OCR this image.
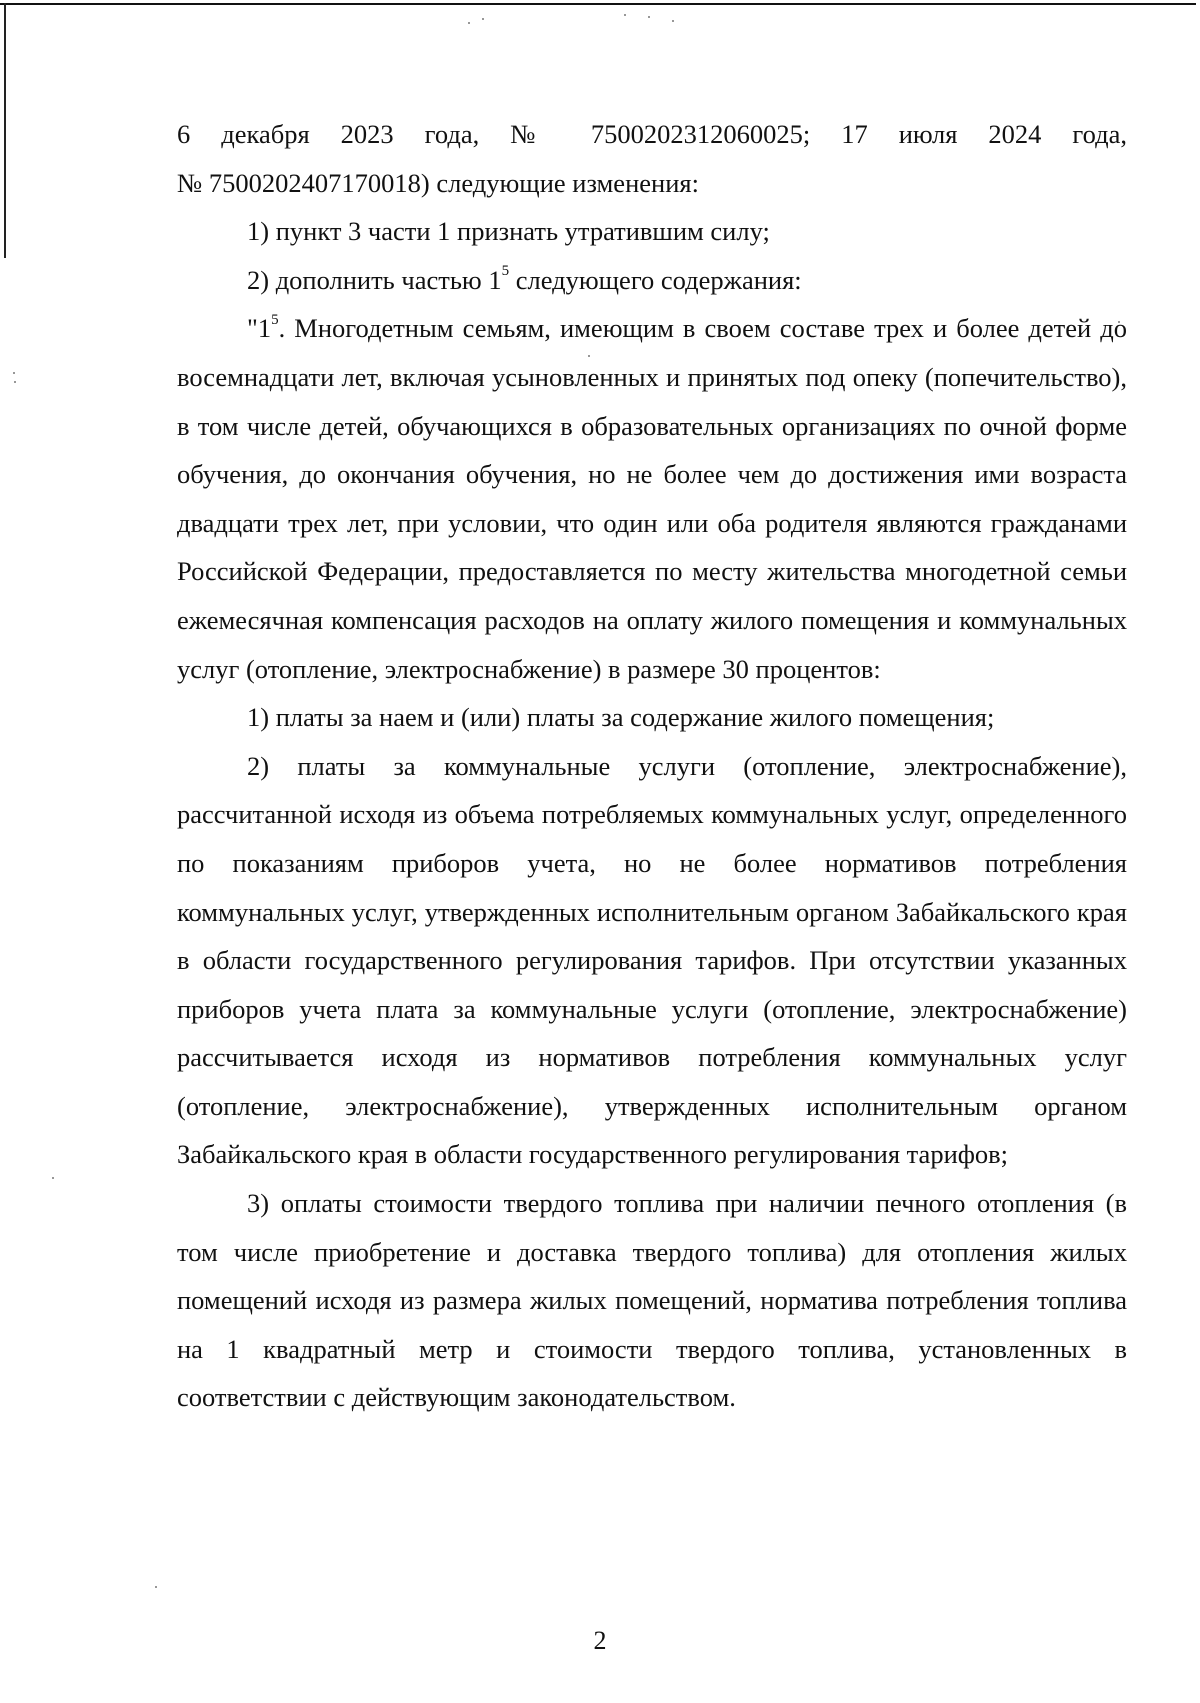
6 декабря 2023 года, № 7500202312060025; 17 июля 2024 года,
№ 7500202407170018) следующие изменения:

1) пункт 3 части 1 признать утратившим силу;

2) дополнить частью $1^5$ следующего содержания:

"$1^5$. Многодетным семьям, имеющим в своем составе трех и более детей до восемнадцати лет, включая усыновленных и принятых под опеку (попечительство), в том числе детей, обучающихся в образовательных организациях по очной форме обучения, до окончания обучения, но не более чем до достижения ими возраста двадцати трех лет, при условии, что один или оба родителя являются гражданами Российской Федерации, предоставляется по месту жительства многодетной семьи ежемесячная компенсация расходов на оплату жилого помещения и коммунальных услуг (отопление, электроснабжение) в размере 30 процентов:

1) платы за наем и (или) платы за содержание жилого помещения;

2) платы за коммунальные услуги (отопление, электроснабжение), рассчитанной исходя из объема потребляемых коммунальных услуг, определенного по показаниям приборов учета, но не более нормативов потребления коммунальных услуг, утвержденных исполнительным органом Забайкальского края в области государственного регулирования тарифов. При отсутствии указанных приборов учета плата за коммунальные услуги (отопление, электроснабжение) рассчитывается исходя из нормативов потребления коммунальных услуг (отопление, электроснабжение), утвержденных исполнительным органом Забайкальского края в области государственного регулирования тарифов;

3) оплаты стоимости твердого топлива при наличии печного отопления (в том числе приобретение и доставка твердого топлива) для отопления жилых помещений исходя из размера жилых помещений, норматива потребления топлива на 1 квадратный метр и стоимости твердого топлива, установленных в соответствии с действующим законодательством.

2
